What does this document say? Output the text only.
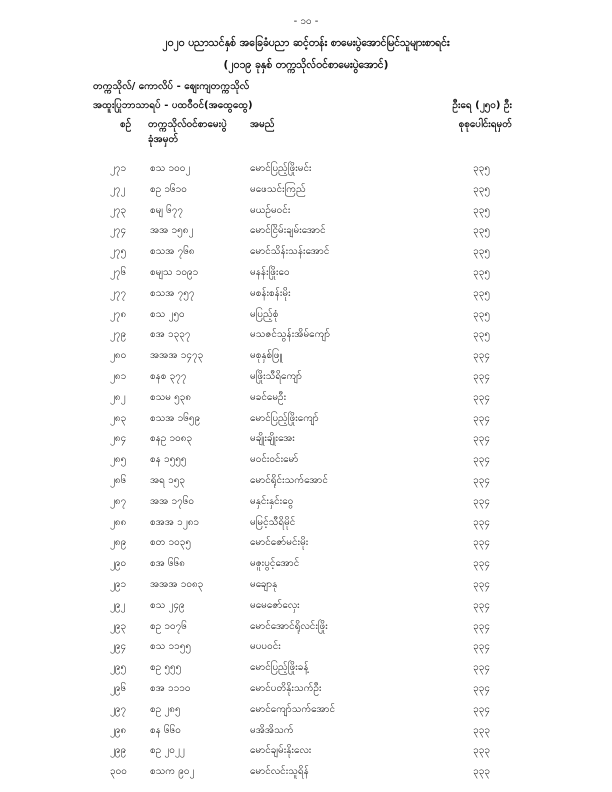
- ၁၀ -
၂၀၂၀ ပညာသင်နှစ် အခြေခံပညာ ဆင့်တန်း စာမေးပွဲအောင်မြင်သူများစာရင်း
(၂၀၁၉ ခုနှစ် တက္ကသိုလ်ဝင်စာမေးပွဲအောင်)
တက္ကသိုလ်/ ကောလိပ် - ဈေးကျတက္ကသိုလ်
အထူးပြုဘာသာရပ် - ပထဝီဝင်(အထွေထွေ)	ဦးရေ (၂၅၀) ဦး
စဉ် တက္ကသိုလ်ဝင်စာမေးပွဲ
ခုံအမှတ်
အမည်	စုစုပေါင်းရမှတ်
၂၇၁ စသ ၁၀၀၂	မောင်ပြည့်ဖြိုးမင်း	၃၃၅
၂၇၂ စဥ ၁၆၁၀	မဖေသင်းကြည်	၃၃၅
၂၇၃ စမျ ၆၇၇	မယဥ်မဝင်း	၃၃၅
၂၇၄ အအ ၁၅၈၂	မောင်ငြိမ်းချမ်းအောင်	၃၃၅
၂၇၅ စသအ ၇၆၈	မောင်သိန်းသန်းအောင်	၃၃၅
၂၇၆ စမျသ ၁၀၉၁	မနန်းဖြိုးဝေ	၃၃၅
၂၇၇ စသအ ၇၅၇	မစန်းစန်းမိုး	၃၃၅
၂၇၈ စသ ၂၅၀	မပြည့်စုံ	၃၃၅
၂၇၉ စအ ၁၃၃၇	မသဇင်သွန်းအိမ်ကျော်	၃၃၅
၂၈၀ အအအ ၁၄၇၃	မစုနှစ်ဖြူ	၃၃၄
၂၈၁ စနစ ၃၇၇	မဖြိုးသီရိကျော်	၃၃၄
၂၈၂ စသမ ၅၃၈	မခင်မေဦး	၃၃၄
၂၈၃ စသအ ၁၆၅၉	မောင်ပြည့်ဖြိုးကျော်	၃၃၄
၂၈၄ စနဥ ၁၀၈၃	မချိုးချိုးအေး	၃၃၄
၂၈၅ စန ၁၅၅၅	မဝင်းဝင်းမော်	၃၃၄
၂၈၆ အရ ၁၅၃	မောင်ရိုင်းသက်အောင်	၃၃၄
၂၈၇ အအ ၁၇၆၀	မနှင်းနှင်းဝွေ	၃၃၄
၂၈၈ စအအ ၁၂၈၁	မမြင့်သီရိမိုင်	၃၃၄
၂၈၉ စတ ၁၀၃၅	မောင်ဇော်မင်းမိုး	၃၃၄
၂၉၀ စအ ၆၆၈	မဇူးပွင့်အောင်	၃၃၄
၂၉၁ အအအ ၁၀၈၃	မချောနု	၃၃၄
၂၉၂ စသ ၂၄၉	မမေဇော်လှေး	၃၃၄
၂၉၃ စဥ ၁၀၇၆	မောင်အောင်ရိုလင်းဖြိုး	၃၃၄
၂၉၄ စသ ၁၁၅၅	မပပဝင်း	၃၃၄
၂၉၅ စဥ ၅၅၅	မောင်ပြည့်ဖြိုးခန့်	၃၃၄
၂၉၆ စအ ၁၁၁၀	မောင်ပတိနိုးသက်ဦး	၃၃၄
၂၉၇ စဥ ၂၈၅	မောင်ကျော်သက်အောင်	၃၃၄
၂၉၈ စန ၆၆၀	မအိအိသက်	၃၃၃
၂၉၉ စဥ ၂၀၂၂	မောင်ချမ်းနိုးလေး	၃၃၃
၃၀၀ စသက ၉၀၂	မောင်လင်းသူရိန်	၃၃၃
